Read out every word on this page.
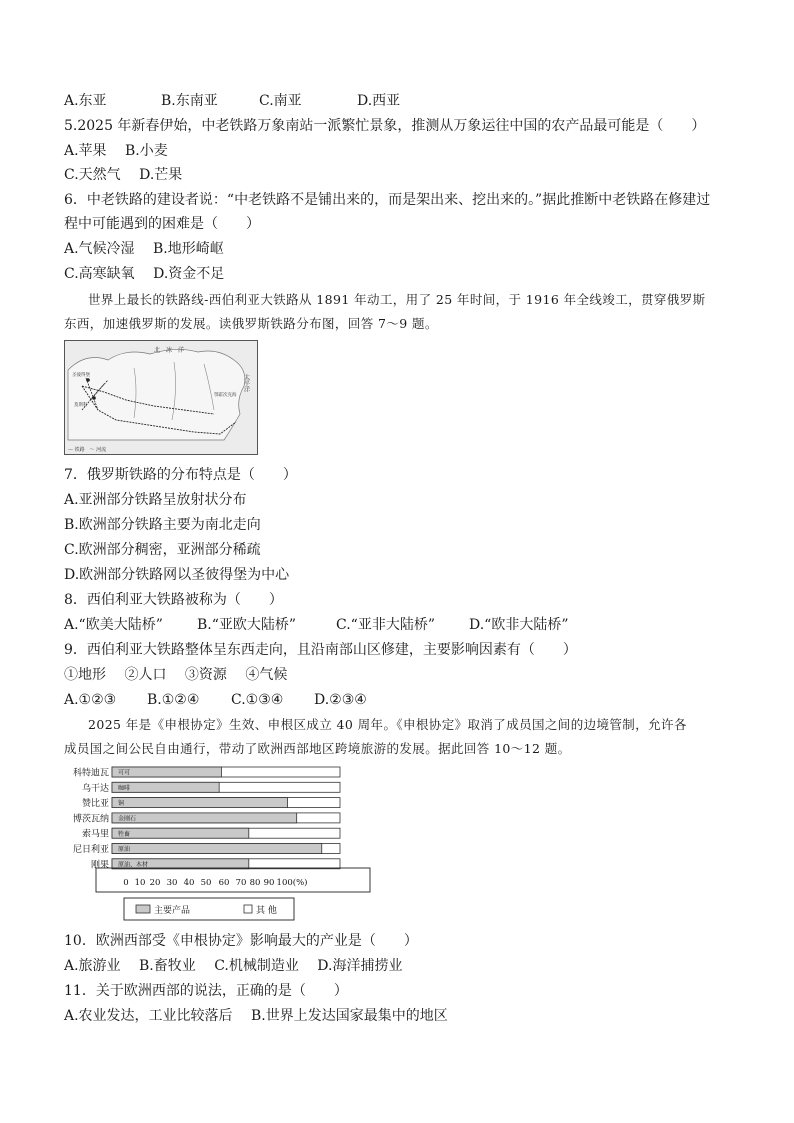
A.东亚	B.东南亚	C.南亚	D.西亚
5.2025 年新春伊始，中老铁路万象南站一派繁忙景象，推测从万象运往中国的农产品最可能是（　　）
A.苹果　 B.小麦
C.天然气　 D.芒果
6．中老铁路的建设者说：“中老铁路不是铺出来的，而是架出来、挖出来的。”据此推断中老铁路在修建过
程中可能遇到的困难是（　　）
A.气候冷湿　 B.地形崎岖
C.高寒缺氧　 D.资金不足
世界上最长的铁路线-西伯利亚大铁路从 1891 年动工，用了 25 年时间，于 1916 年全线竣工，贯穿俄罗斯
东西，加速俄罗斯的发展。读俄罗斯铁路分布图，回答 7～9 题。
北　冰　洋
太平洋
圣彼得堡
莫斯科
鄂霍次克海
— 铁路　～ 河流
7．俄罗斯铁路的分布特点是（　　）
A.亚洲部分铁路呈放射状分布
B.欧洲部分铁路主要为南北走向
C.欧洲部分稠密，亚洲部分稀疏
D.欧洲部分铁路网以圣彼得堡为中心
8．西伯利亚大铁路被称为（　　）
A.“欧美大陆桥” B.“亚欧大陆桥”	C.“亚非大陆桥” D.“欧非大陆桥”
9．西伯利亚大铁路整体呈东西走向，且沿南部山区修建，主要影响因素有（　　）
①地形　 ②人口　 ③资源　 ④气候
A.①②③ B.①②④ C.①③④ D.②③④
2025 年是《申根协定》生效、申根区成立 40 周年。《申根协定》取消了成员国之间的边境管制，允许各
成员国之间公民自由通行，带动了欧洲西部地区跨境旅游的发展。据此回答 10～12 题。
科特迪瓦 可可
乌干达 咖啡
赞比亚 铜
博茨瓦纳 金刚石
索马里 牲畜
尼日利亚 原油
刚果 原油、木材
0 10 20 30 40 50 60 70 80 90 100(%)
主要产品	其 他
10．欧洲西部受《申根协定》影响最大的产业是（　　）
A.旅游业　 B.畜牧业　 C.机械制造业　 D.海洋捕捞业
11．关于欧洲西部的说法，正确的是（　　）
A.农业发达，工业比较落后　 B.世界上发达国家最集中的地区
